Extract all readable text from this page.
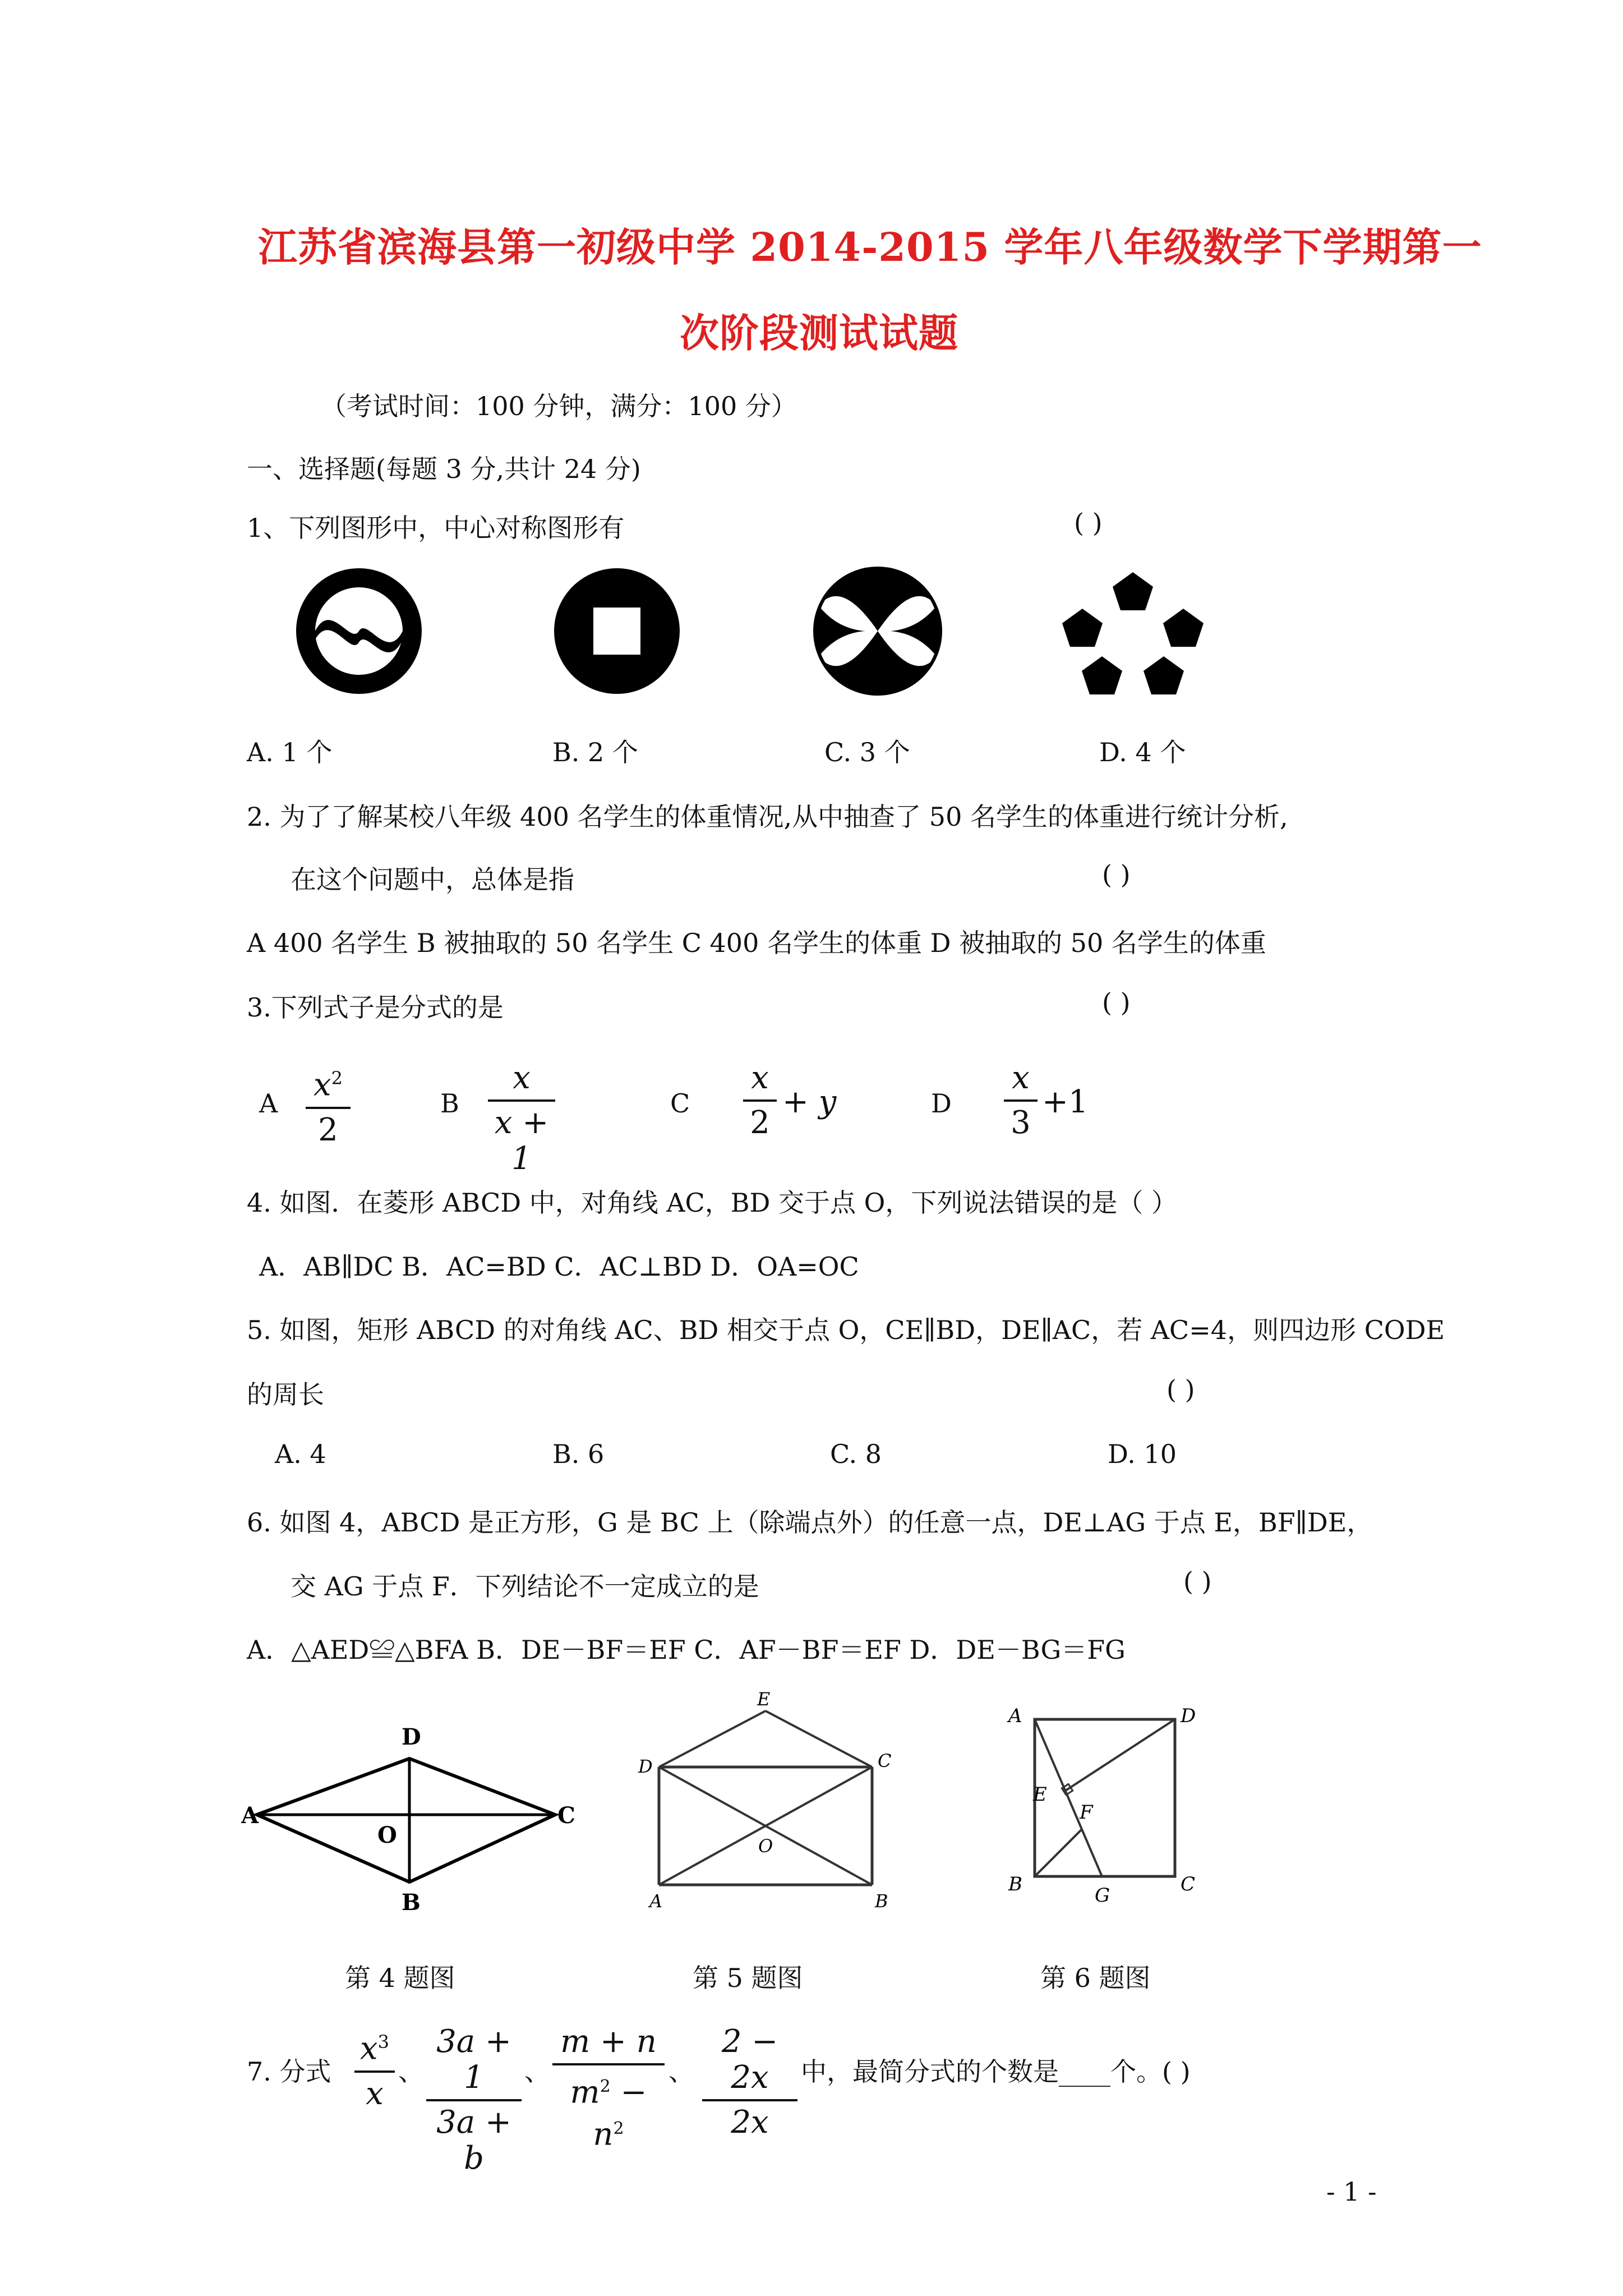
江苏省滨海县第一初级中学 2014-2015 学年八年级数学下学期第一
次阶段测试试题
（考试时间：100 分钟，满分：100 分）
一、选择题(每题 3 分,共计 24 分)
1、下列图形中，中心对称图形有	( )
A. 1 个	B. 2 个	C. 3 个	D. 4 个
2. 为了了解某校八年级 400 名学生的体重情况,从中抽查了 50 名学生的体重进行统计分析,
在这个问题中，总体是指	( )
A 400 名学生 B 被抽取的 50 名学生 C 400 名学生的体重 D 被抽取的 50 名学生的体重
3.下列式子是分式的是	( )
A
$x^2$
2
B
x
x + 1
C
x
2
+ y	D
x
3
+1
4. 如图．在菱形 ABCD 中，对角线 AC，BD 交于点 O，下列说法错误的是（ ）
A．AB∥DC B．AC=BD C．AC⊥BD D．OA=OC
5. 如图，矩形 ABCD 的对角线 AC、BD 相交于点 O，CE∥BD，DE∥AC，若 AC=4，则四边形 CODE
的周长	( )
A. 4	B. 6	C. 8	D. 10
6. 如图 4，ABCD 是正方形，G 是 BC 上（除端点外）的任意一点，DE⊥AG 于点 E，BF∥DE，
交 AG 于点 F．下列结论不一定成立的是	( )
A．△AED≌△BFA B．DE－BF＝EF C．AF－BF＝EF D．DE－BG＝FG
A
D
C
B
O
E
D	C
A	B
O
A	D
B	C
G
E
F
第 4 题图	第 5 题图	第 6 题图
7. 分式
$x^3$
x
、
3a + 1
3a + b
、
m + n
$m^2 - n^2$
、
2 − 2x
2x
中，最简分式的个数是____个。( )
- 1 -
